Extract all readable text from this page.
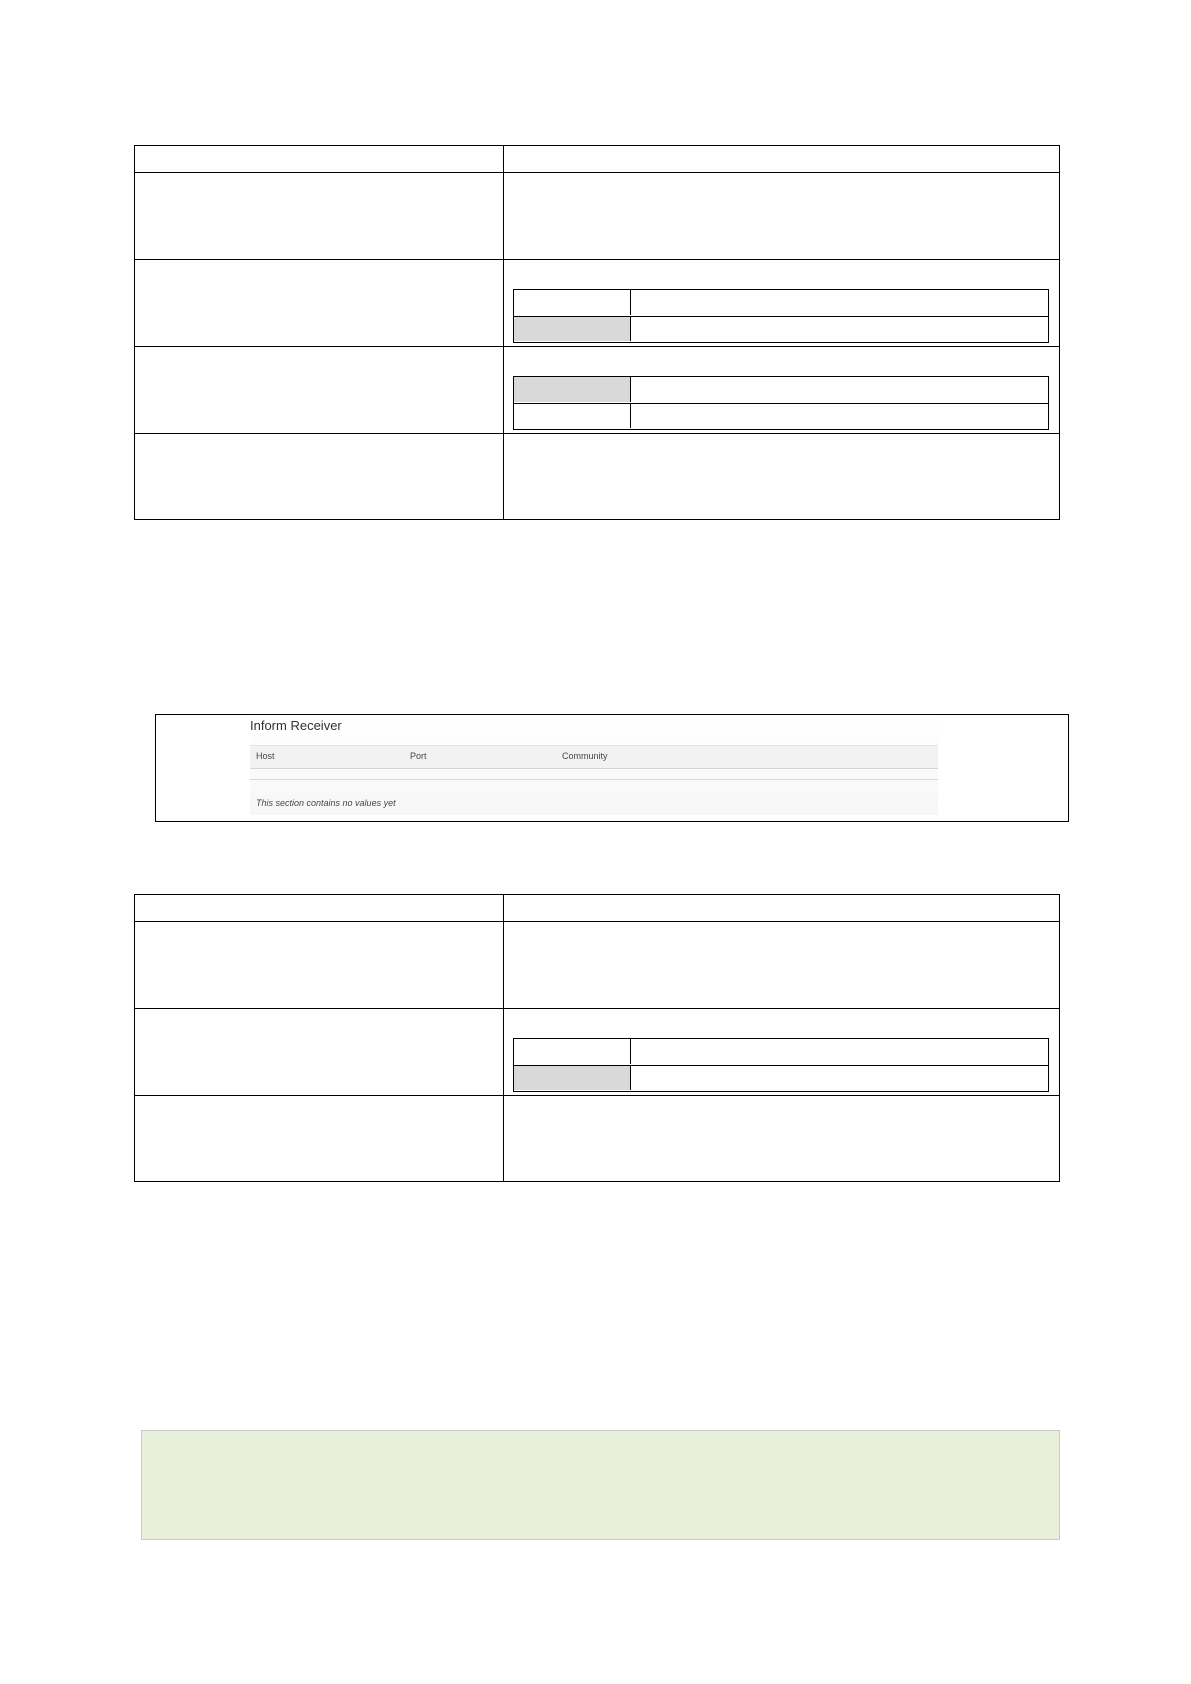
Inform Receiver
Host	Port	Community
This section contains no values yet
